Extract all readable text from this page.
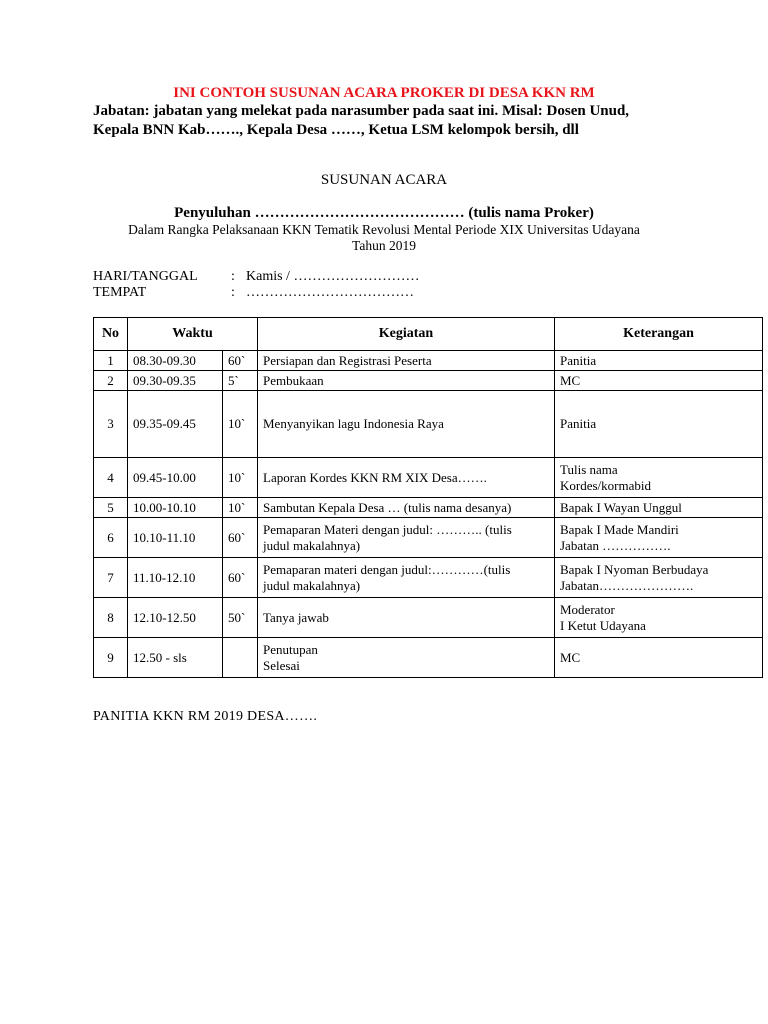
INI CONTOH SUSUNAN ACARA PROKER DI DESA KKN RM
Jabatan: jabatan yang melekat pada narasumber pada saat ini. Misal: Dosen Unud,
Kepala BNN Kab……., Kepala Desa ……, Ketua LSM kelompok bersih, dll
SUSUNAN ACARA
Penyuluhan …………………………………… (tulis nama Proker)
Dalam Rangka Pelaksanaan KKN Tematik Revolusi Mental Periode XIX Universitas Udayana
Tahun 2019
HARI/TANGGAL : Kamis / ………………………
TEMPAT	: ………………………………
No	Waktu		Kegiatan	Keterangan
1	08.30-09.30	60`	Persiapan dan Registrasi Peserta	Panitia

2	09.30-09.35	5`	Pembukaan	MC

3	09.35-09.45	10`	Menyanyikan lagu Indonesia Raya	Panitia

4	09.45-10.00	10`	Laporan Kordes KKN RM XIX Desa…….	Tulis nama
Kordes/kormabid

5	10.00-10.10	10`	Sambutan Kepala Desa … (tulis nama desanya)	Bapak I Wayan Unggul

6	10.10-11.10	60`	Pemaparan Materi dengan judul: ……….. (tulis
judul makalahnya)	Bapak I Made Mandiri
Jabatan …………….

7	11.10-12.10	60`	Pemaparan materi dengan judul:…………(tulis
judul makalahnya)	Bapak I Nyoman Berbudaya
Jabatan………………….

8	12.10-12.50	50`	Tanya jawab	Moderator
I Ketut Udayana

9	12.50 - sls		Penutupan
Selesai	MC
PANITIA KKN RM 2019 DESA…….
